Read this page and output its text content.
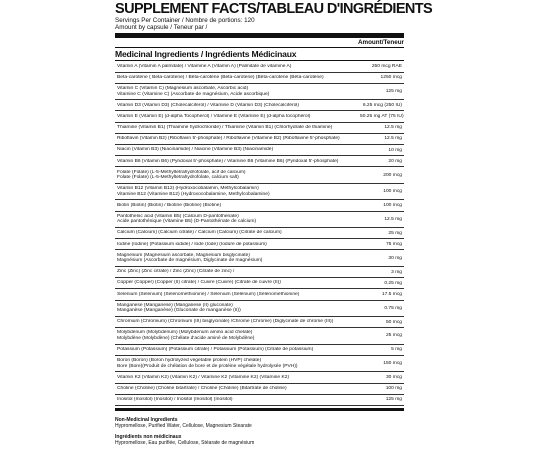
SUPPLEMENT FACTS/TABLEAU D'INGRÉDIENTS
Servings Per Container / Nombre de portions: 120
Amount by capsule / Teneur par /
Amount/Teneur
Medicinal Ingredients / Ingrédients Médicinaux
Vitamin A (Vitamin A palmitate) / Vitamine A (Vitamin A) (Palmitate de vitamine A)	250 mcg RAE
Beta-carotene ( Beta-carotene) / Bêta-carotène (Beta-carotene) (Bêta-carotène (Bêta-carotène)	1250 mcg
Vitamin C (Vitamin C) (Magnesium ascorbate, Ascorbic acid)
Vitamine C (Vitamine C) (Ascorbate de magnésium, Acide ascorbique)	125 mg
Vitamin D3 (Vitamin D3) (Cholecalciferol) / Vitamine D (Vitamin D3) (Cholécalciférol)	6.25 mcg (250 IU)
Vitamin E (Vitamin E) (d-alpha Tocopherol) / Vitamine E (Vitamine E) (d-alpha tocophérol)	50.25 mg AT (75 IU)
Thiamine (Vitamin B1) (Thiamine hydrochloride) / Thiamine (Vitamin B1) (Chlorhydrate de thiamine)	12.5 mg
Riboflavin (Vitamin B2) (Riboflavin 5'-phosphate) / Riboflavine (Vitamine B2) (Riboflavine 5'-phosphate)	12.5 mg
Niacin (Vitamin B3) (Niacinamide) / Niacine (Vitamine B3) (Niacinamide)	10 mg
Vitamin B6 (Vitamin B6) (Pyridoxal 5'-phosphate) / Vitamine B6 (Vitamine B6) (Pyridoxal 5'-phosphate)	20 mg
Folate (Folate) (L-5-Methyltetrahydrofolate, acif de calcium)
Folate (Folate) (L-5-Methyltetrahydrofolate, calcium salt)	200 mcg
Vitamin B12 (Vitamin B12) (Hydroxocobalamin, Methylcobalamin)
Vitamine B12 (Vitamine B12) (Hydroxocobalamine, Methylcobalamine)	100 mcg
Biotin (Biotin) (Biotin) / Biotine (Biotine) (Biotine)	100 mcg
Pantothenic acid (Vitamin B5) (Calcium D-pantothenate)
Acide pantothénique (Vitamine B5) (D-Pantothénate de calcium)	12.5 mg
Calcium (Calcium) (Calcium citrate) / Calcium (Calcium) (Citrate de calcium)	25 mg
Iodine (Iodine) (Potassium iodide) / Iode (Iode) (Iodure de potassium)	75 mcg
Magnesium (Magnesium ascorbate, Magnesium bisglycinate)
Magnésium (Ascorbate de magnésium, Diglycinate de magnésium)	30 mg
Zinc (Zinc) (Zinc citrate) / Zinc (Zinc) (Citrate de zinc) /	3 mg
Copper (Copper) (Copper (II) citrate) / Cuivre (Cuivre) (Citrate de cuivre (II))	0.25 mg
Selenium (Selenium) (Selenomethionine) / Sélénium (Sélénium) (Sélénométhionine)	17.5 mcg
Manganese (Manganese) (Manganese (II) gluconate)
Manganèse (Manganèse) (Gluconate de manganèse (II))	0.75 mg
Chromium (Chromium) (Chromium (III) bisglycinate) /Chrome (Chrome) (Diglycinate de chrome (III))	50 mcg
Molybdenum (Molybdenum) (Molybdenum amino acid chelate)
Molybdène (Molybdène) (Chélate d'acide aminé de Molybdène)	25 mcg
Potassium (Potassium) (Potassium citrate) / Potassium (Potassium) (Citrate de potassium)	5 mg
Boron (Boron) (Boron hydrolyzed vegetable protein (HVP) chelate)
Bore (Bore)(Produit de chélation de bore et de protéine végétale hydrolysée (PVH))	150 mcg
Vitamin K2 (Vitamin K2) (Vitamin K2) / Vitamine K2 (Vitamine K2) (Vitamine K2)	30 mcg
Choline (Choline) (Choline bitartrate) / Choline (Choline) (Bitartrate de choline)	100 mg
Inositol (Inositol) (Inositol) / Inositol (Inositol) (Inositol)	125 mg
Non-Medicinal Ingredients
Hypromellose, Purified Water, Cellulose, Magnesium Stearate
Ingrédients non médicinaux
Hypromellose, Eau purifiée, Cellulose, Stéarate de magnésium
